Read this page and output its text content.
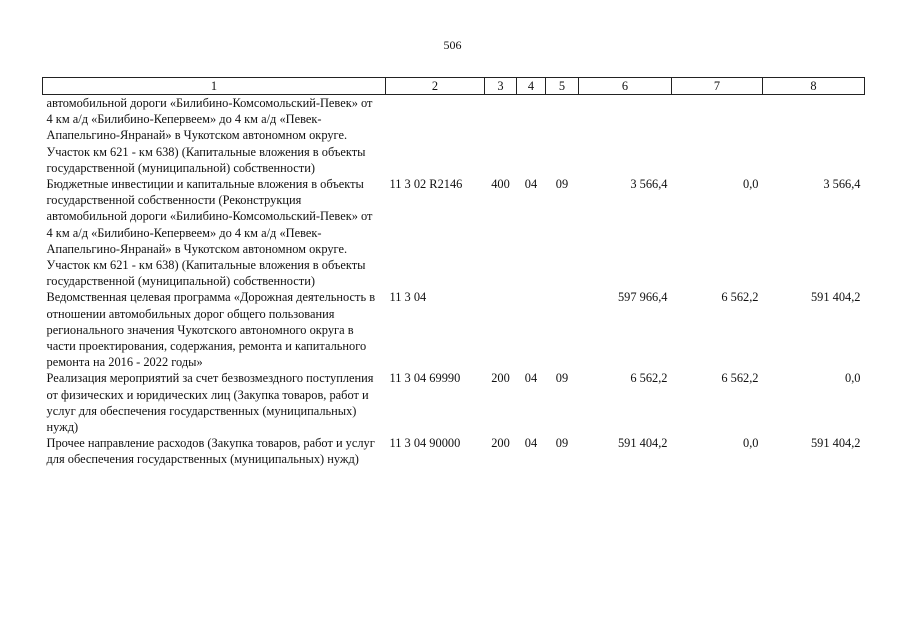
506
1	2	3	4	5	6	7	8
автомобильной дороги «Билибино-Комсомольский-Певек» от 4 км а/д «Билибино-Кепервеем» до 4 км а/д «Певек-Апапельгино-Янранай» в Чукотском автономном округе. Участок км 621 - км 638) (Капитальные вложения в объекты государственной (муниципальной) собственности)							
Бюджетные инвестиции и капитальные вложения в объекты государственной собственности (Реконструкция автомобильной дороги «Билибино-Комсомольский-Певек» от 4 км а/д «Билибино-Кепервеем» до 4 км а/д «Певек-Апапельгино-Янранай» в Чукотском автономном округе. Участок км 621 - км 638) (Капитальные вложения в объекты государственной (муниципальной) собственности)	11 3 02 R2146	400	04	09	3 566,4	0,0	3 566,4
Ведомственная целевая программа «Дорожная деятельность в отношении автомобильных дорог общего пользования регионального значения Чукотского автономного округа в части проектирования, содержания, ремонта и капитального ремонта на 2016 - 2022 годы»	11 3 04				597 966,4	6 562,2	591 404,2
Реализация мероприятий за счет безвозмездного поступления от физических и юридических лиц (Закупка товаров, работ и услуг для обеспечения государственных (муниципальных) нужд)	11 3 04 69990	200	04	09	6 562,2	6 562,2	0,0
Прочее направление расходов (Закупка товаров, работ и услуг для обеспечения государственных (муниципальных) нужд)	11 3 04 90000	200	04	09	591 404,2	0,0	591 404,2
